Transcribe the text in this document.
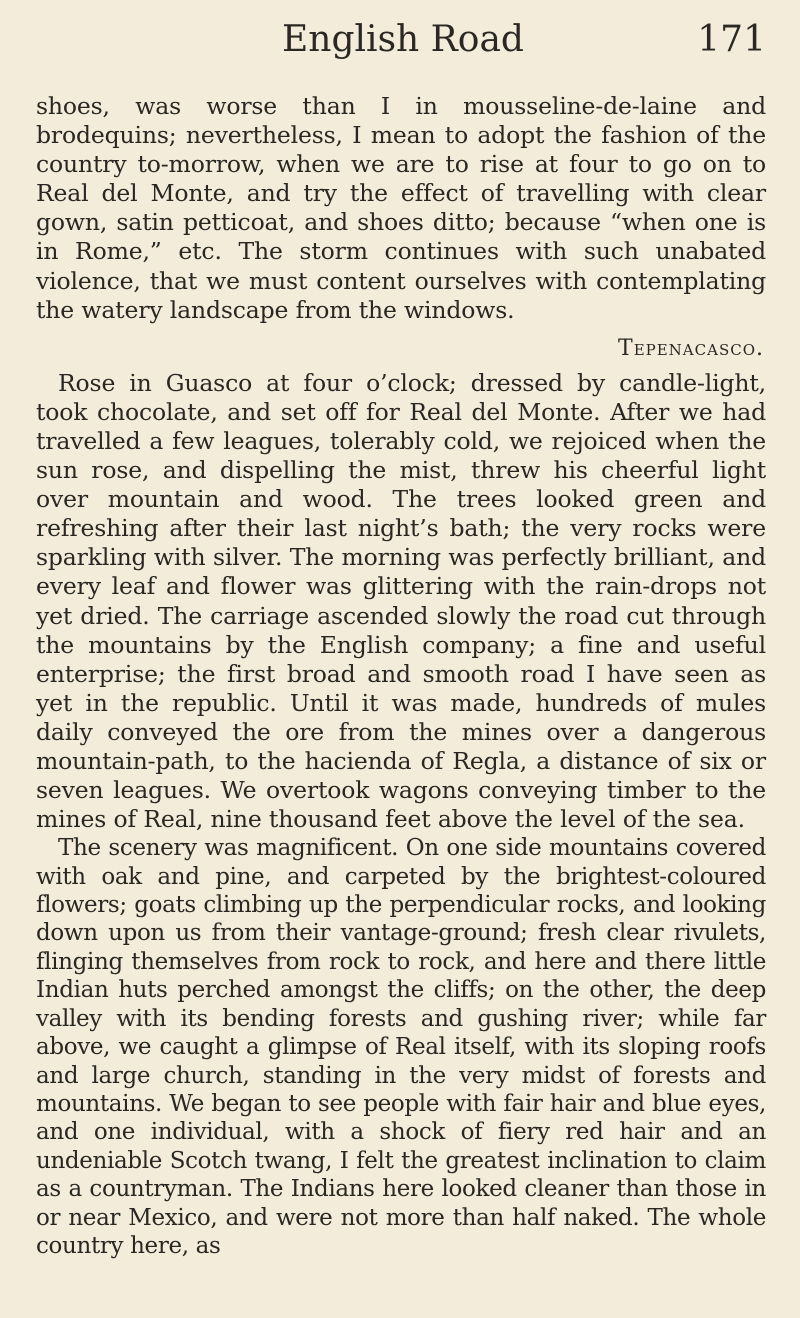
English Road	171

shoes, was worse than I in mousseline-de-laine and brodequins; nevertheless, I mean to adopt the fashion of the country to-morrow, when we are to rise at four to go on to Real del Monte, and try the effect of travelling with clear gown, satin petticoat, and shoes ditto; because “when one is in Rome,” etc. The storm continues with such unabated violence, that we must content ourselves with contemplating the watery landscape from the windows.

Tepenacasco.

Rose in Guasco at four o’clock; dressed by candle-light, took chocolate, and set off for Real del Monte. After we had travelled a few leagues, tolerably cold, we rejoiced when the sun rose, and dispelling the mist, threw his cheerful light over mountain and wood. The trees looked green and refreshing after their last night’s bath; the very rocks were sparkling with silver. The morning was perfectly brilliant, and every leaf and flower was glittering with the rain-drops not yet dried. The carriage ascended slowly the road cut through the mountains by the English company; a fine and useful enterprise; the first broad and smooth road I have seen as yet in the republic. Until it was made, hundreds of mules daily conveyed the ore from the mines over a dangerous mountain-path, to the hacienda of Regla, a distance of six or seven leagues. We overtook wagons conveying timber to the mines of Real, nine thousand feet above the level of the sea.

The scenery was magnificent. On one side mountains covered with oak and pine, and carpeted by the brightest-coloured flowers; goats climbing up the perpendicular rocks, and looking down upon us from their vantage-ground; fresh clear rivulets, flinging themselves from rock to rock, and here and there little Indian huts perched amongst the cliffs; on the other, the deep valley with its bending forests and gushing river; while far above, we caught a glimpse of Real itself, with its sloping roofs and large church, standing in the very midst of forests and mountains. We began to see people with fair hair and blue eyes, and one individual, with a shock of fiery red hair and an undeniable Scotch twang, I felt the greatest inclination to claim as a countryman. The Indians here looked cleaner than those in or near Mexico, and were not more than half naked. The whole country here, as
